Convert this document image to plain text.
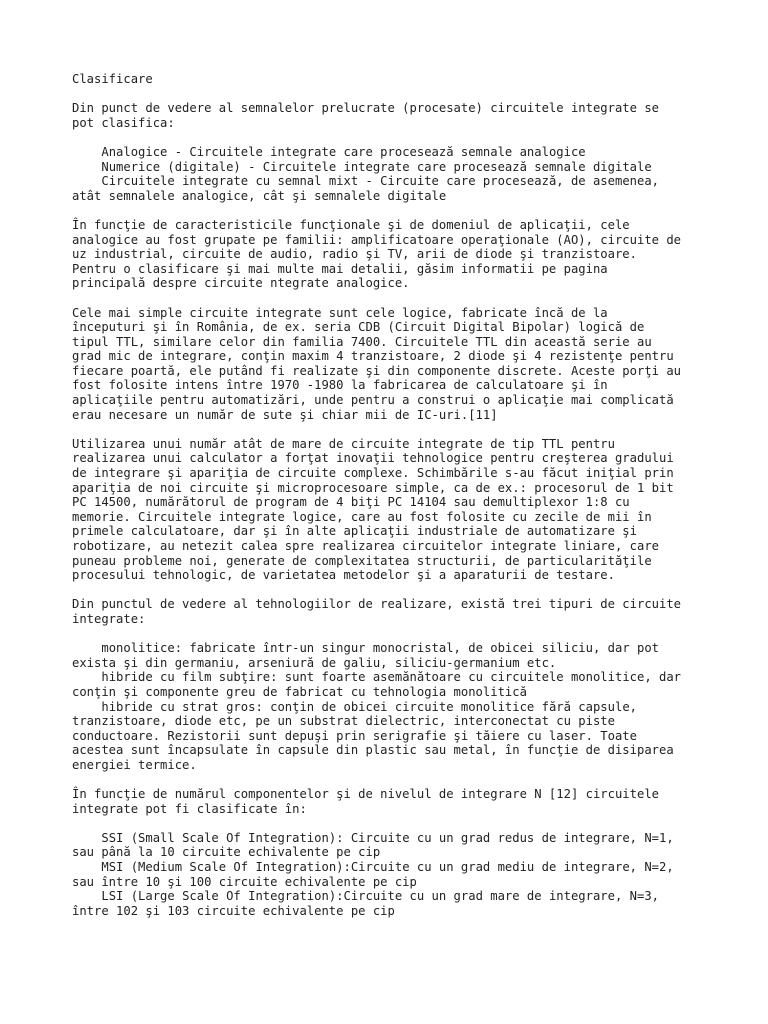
Clasificare

Din punct de vedere al semnalelor prelucrate (procesate) circuitele integrate se
pot clasifica:

Analogice - Circuitele integrate care procesează semnale analogice
Numerice (digitale) - Circuitele integrate care procesează semnale digitale
Circuitele integrate cu semnal mixt - Circuite care procesează, de asemenea,
atât semnalele analogice, cât şi semnalele digitale

În funcţie de caracteristicile funcţionale şi de domeniul de aplicaţii, cele
analogice au fost grupate pe familii: amplificatoare operaţionale (AO), circuite de
uz industrial, circuite de audio, radio şi TV, arii de diode şi tranzistoare.
Pentru o clasificare şi mai multe mai detalii, găsim informatii pe pagina
principală despre circuite ntegrate analogice.

Cele mai simple circuite integrate sunt cele logice, fabricate încă de la
începuturi şi în România, de ex. seria CDB (Circuit Digital Bipolar) logică de
tipul TTL, similare celor din familia 7400. Circuitele TTL din această serie au
grad mic de integrare, conţin maxim 4 tranzistoare, 2 diode şi 4 rezistenţe pentru
fiecare poartă, ele putând fi realizate şi din componente discrete. Aceste porţi au
fost folosite intens între 1970 -1980 la fabricarea de calculatoare şi în
aplicaţiile pentru automatizări, unde pentru a construi o aplicaţie mai complicată
erau necesare un număr de sute şi chiar mii de IC-uri.[11]

Utilizarea unui număr atât de mare de circuite integrate de tip TTL pentru
realizarea unui calculator a forţat inovaţii tehnologice pentru creşterea gradului
de integrare şi apariţia de circuite complexe. Schimbările s-au făcut iniţial prin
apariţia de noi circuite şi microprocesoare simple, ca de ex.: procesorul de 1 bit
PC 14500, numărătorul de program de 4 biţi PC 14104 sau demultiplexor 1:8 cu
memorie. Circuitele integrate logice, care au fost folosite cu zecile de mii în
primele calculatoare, dar şi în alte aplicaţii industriale de automatizare şi
robotizare, au netezit calea spre realizarea circuitelor integrate liniare, care
puneau probleme noi, generate de complexitatea structurii, de particularităţile
procesului tehnologic, de varietatea metodelor şi a aparaturii de testare.

Din punctul de vedere al tehnologiilor de realizare, există trei tipuri de circuite
integrate:

monolitice: fabricate într-un singur monocristal, de obicei siliciu, dar pot
exista şi din germaniu, arseniură de galiu, siliciu-germanium etc.
hibride cu film subţire: sunt foarte asemănătoare cu circuitele monolitice, dar
conţin şi componente greu de fabricat cu tehnologia monolitică
hibride cu strat gros: conţin de obicei circuite monolitice fără capsule,
tranzistoare, diode etc, pe un substrat dielectric, interconectat cu piste
conductoare. Rezistorii sunt depuşi prin serigrafie şi tăiere cu laser. Toate
acestea sunt încapsulate în capsule din plastic sau metal, în funcţie de disiparea
energiei termice.

În funcţie de numărul componentelor şi de nivelul de integrare N [12] circuitele
integrate pot fi clasificate în:

SSI (Small Scale Of Integration): Circuite cu un grad redus de integrare, N=1,
sau până la 10 circuite echivalente pe cip
MSI (Medium Scale Of Integration):Circuite cu un grad mediu de integrare, N=2,
sau între 10 şi 100 circuite echivalente pe cip
LSI (Large Scale Of Integration):Circuite cu un grad mare de integrare, N=3,
între 102 şi 103 circuite echivalente pe cip
